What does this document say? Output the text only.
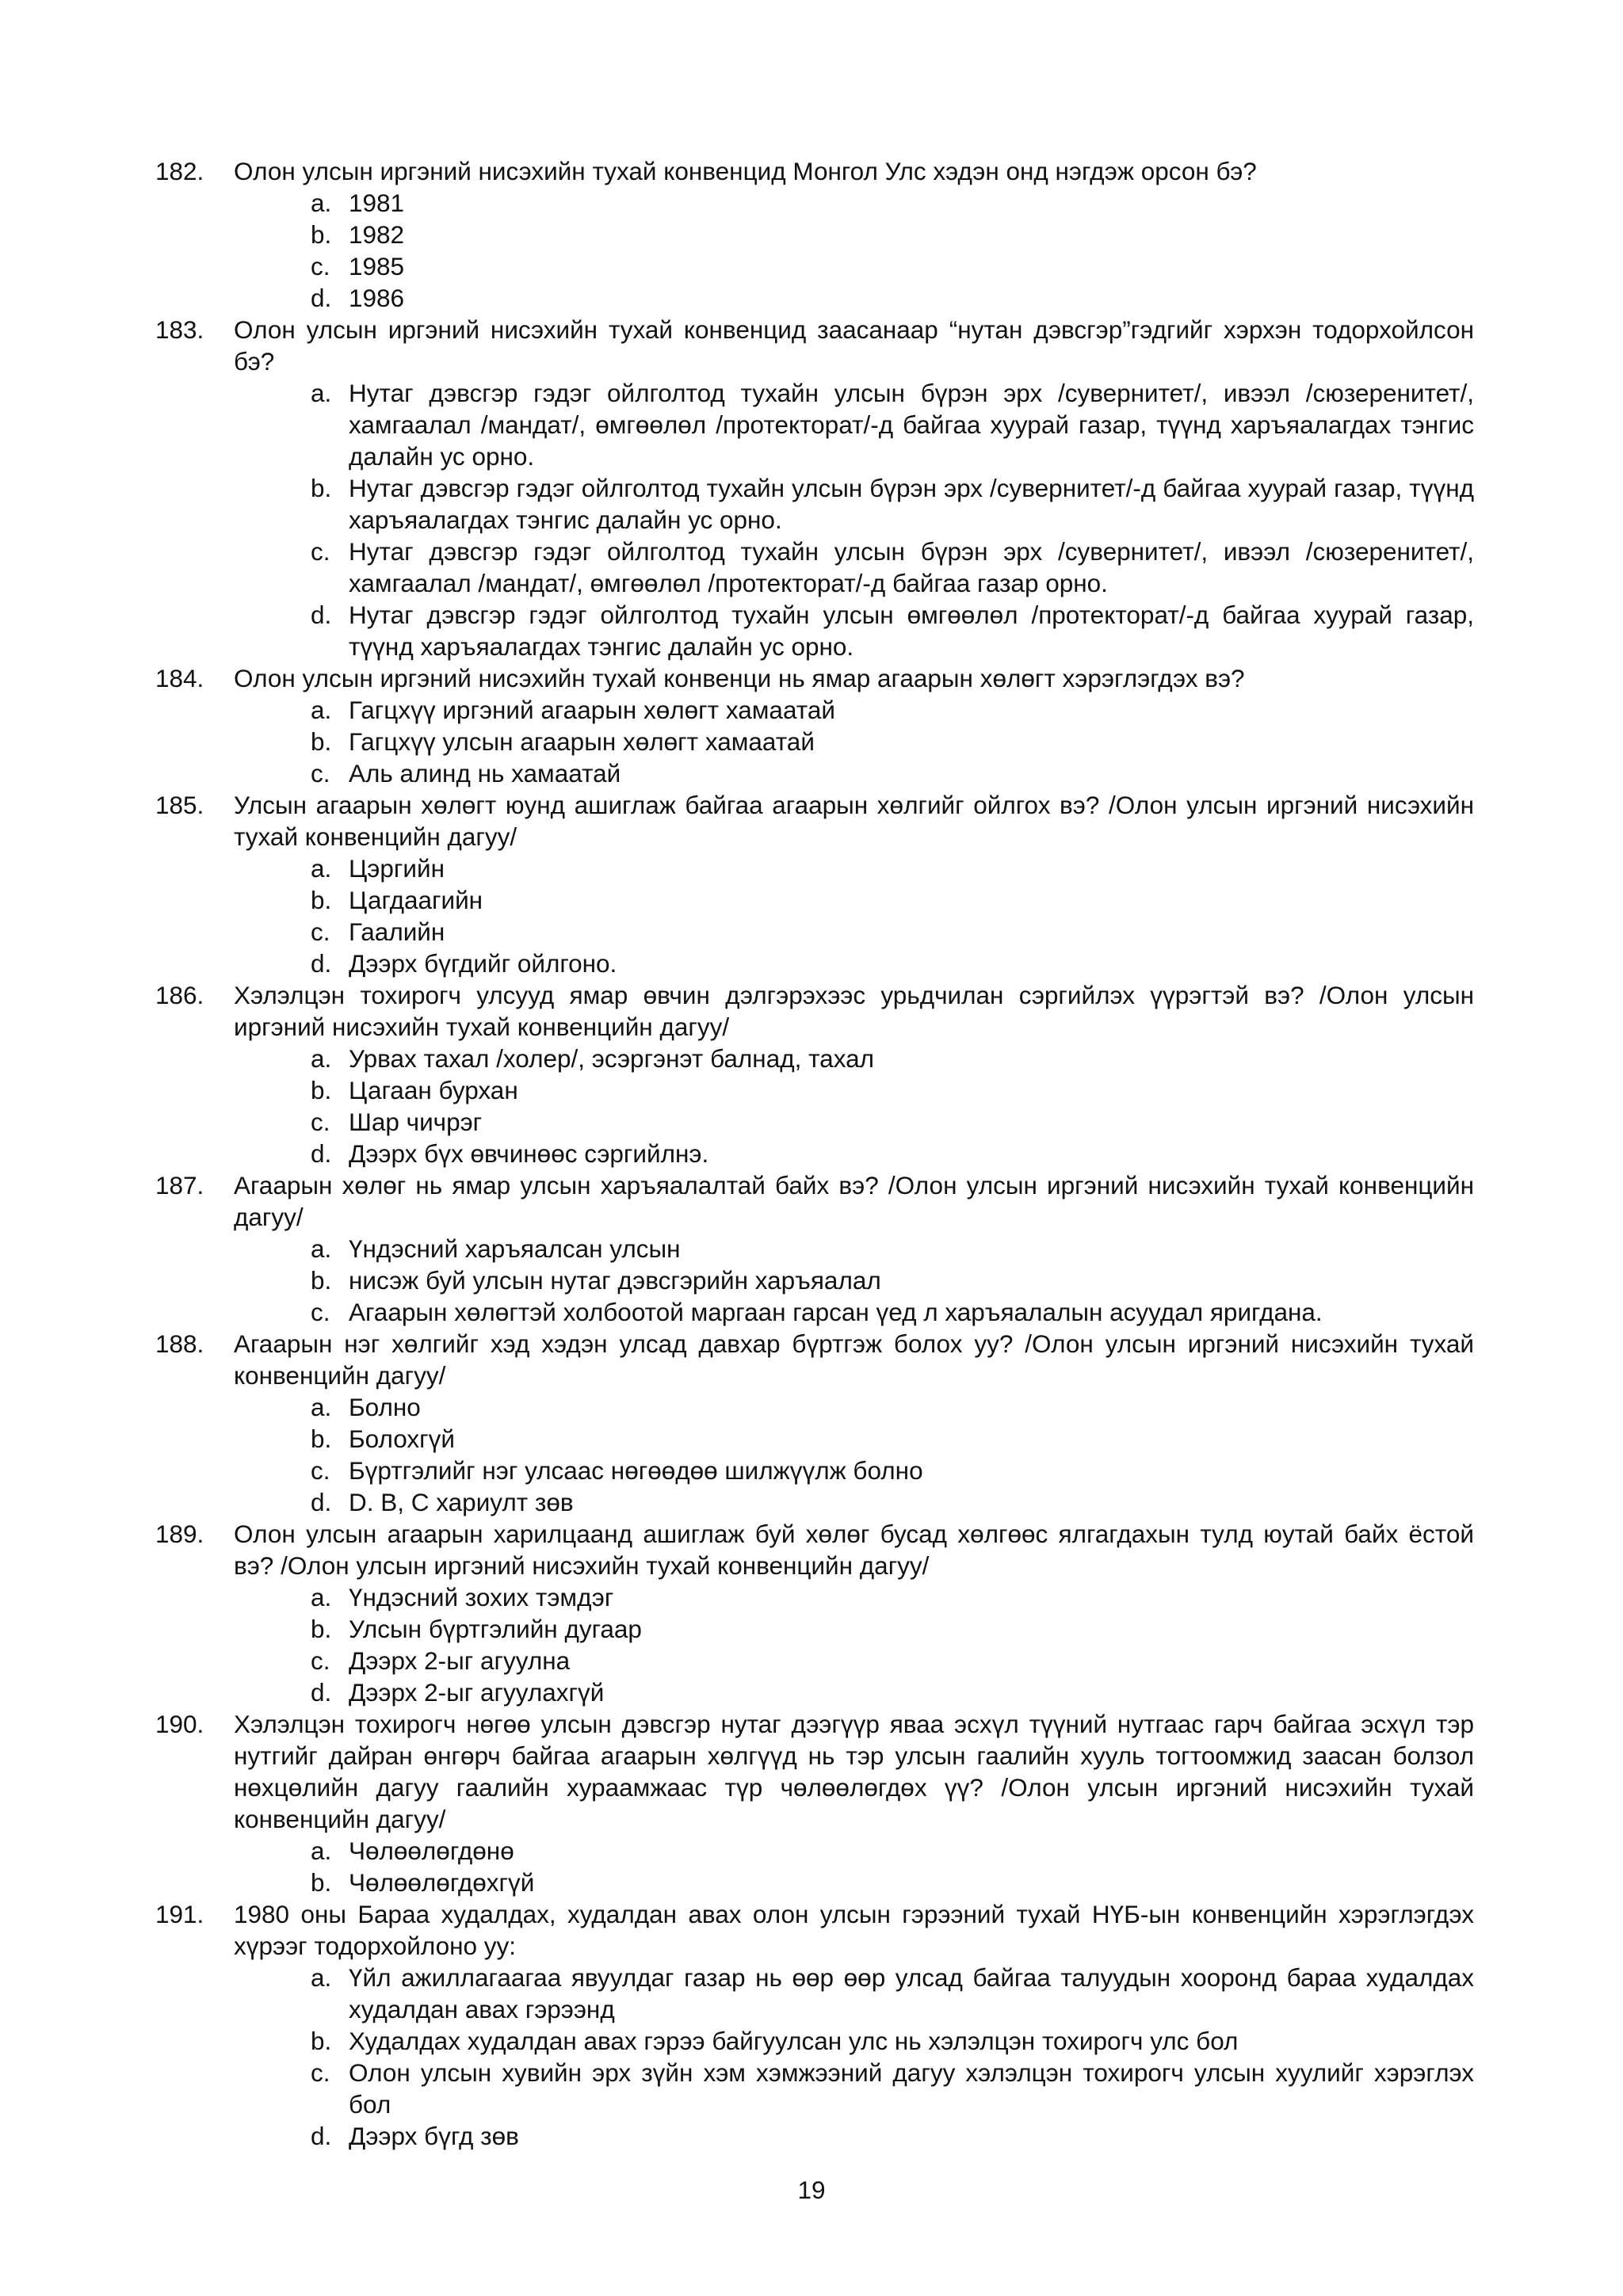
182.	Олон улсын иргэний нисэхийн тухай конвенцид Монгол Улс хэдэн онд нэгдэж орсон бэ?
a. 1981
b. 1982
c. 1985
d. 1986
183.	Олон улсын иргэний нисэхийн тухай конвенцид заасанаар “нутан дэвсгэр”гэдгийг хэрхэн тодорхойлсон бэ?
a. Нутаг дэвсгэр гэдэг ойлголтод тухайн улсын бүрэн эрх /сувернитет/, ивээл /сюзеренитет/, хамгаалал /мандат/, өмгөөлөл /протекторат/-д байгаа хуурай газар, түүнд харъяалагдах тэнгис далайн ус орно.
b. Нутаг дэвсгэр гэдэг ойлголтод тухайн улсын бүрэн эрх /сувернитет/-д байгаа хуурай газар, түүнд харъяалагдах тэнгис далайн ус орно.
c. Нутаг дэвсгэр гэдэг ойлголтод тухайн улсын бүрэн эрх /сувернитет/, ивээл /сюзеренитет/, хамгаалал /мандат/, өмгөөлөл /протекторат/-д байгаа газар орно.
d. Нутаг дэвсгэр гэдэг ойлголтод тухайн улсын өмгөөлөл /протекторат/-д байгаа хуурай газар, түүнд харъяалагдах тэнгис далайн ус орно.
184.	Олон улсын иргэний нисэхийн тухай конвенци нь ямар агаарын хөлөгт хэрэглэгдэх вэ?
a. Гагцхүү иргэний агаарын хөлөгт хамаатай
b. Гагцхүү улсын агаарын хөлөгт хамаатай
c. Аль алинд нь хамаатай
185.	Улсын агаарын хөлөгт юунд ашиглаж байгаа агаарын хөлгийг ойлгох вэ? /Олон улсын иргэний нисэхийн тухай конвенцийн дагуу/
a. Цэргийн
b. Цагдаагийн
c. Гаалийн
d. Дээрх бүгдийг ойлгоно.
186.	Хэлэлцэн тохирогч улсууд ямар өвчин дэлгэрэхээс урьдчилан сэргийлэх үүрэгтэй вэ? /Олон улсын иргэний нисэхийн тухай конвенцийн дагуу/
a. Урвах тахал /холер/, эсэргэнэт балнад, тахал
b. Цагаан бурхан
c. Шар чичрэг
d. Дээрх бүх өвчинөөс сэргийлнэ.
187.	Агаарын хөлөг нь ямар улсын харъяалалтай байх вэ? /Олон улсын иргэний нисэхийн тухай конвенцийн дагуу/
a. Үндэсний харъяалсан улсын
b. нисэж буй улсын нутаг дэвсгэрийн харъяалал
c. Агаарын хөлөгтэй холбоотой маргаан гарсан үед л харъяалалын асуудал яригдана.
188.	Агаарын нэг хөлгийг хэд хэдэн улсад давхар бүртгэж болох уу? /Олон улсын иргэний нисэхийн тухай конвенцийн дагуу/
a. Болно
b. Болохгүй
c. Бүртгэлийг нэг улсаас нөгөөдөө шилжүүлж болно
d. D. B, C хариулт зөв
189.	Олон улсын агаарын харилцаанд ашиглаж буй хөлөг бусад хөлгөөс ялгагдахын тулд юутай байх ёстой вэ? /Олон улсын иргэний нисэхийн тухай конвенцийн дагуу/
a. Үндэсний зохих тэмдэг
b. Улсын бүртгэлийн дугаар
c. Дээрх 2-ыг агуулна
d. Дээрх 2-ыг агуулахгүй
190.	Хэлэлцэн тохирогч нөгөө улсын дэвсгэр нутаг дээгүүр яваа эсхүл түүний нутгаас гарч байгаа эсхүл тэр нутгийг дайран өнгөрч байгаа агаарын хөлгүүд нь тэр улсын гаалийн хууль тогтоомжид заасан болзол нөхцөлийн дагуу гаалийн хураамжаас түр чөлөөлөгдөх үү? /Олон улсын иргэний нисэхийн тухай конвенцийн дагуу/
a. Чөлөөлөгдөнө
b. Чөлөөлөгдөхгүй
191.	1980 оны Бараа худалдах, худалдан авах олон улсын гэрээний тухай НҮБ-ын конвенцийн хэрэглэгдэх хүрээг тодорхойлоно уу:
a. Үйл ажиллагаагаа явуулдаг газар нь өөр өөр улсад байгаа талуудын хооронд бараа худалдах худалдан авах гэрээнд
b. Худалдах худалдан авах гэрээ байгуулсан улс нь хэлэлцэн тохирогч улс бол
c. Олон улсын хувийн эрх зүйн хэм хэмжээний дагуу хэлэлцэн тохирогч улсын хуулийг хэрэглэх бол
d. Дээрх бүгд зөв
19
